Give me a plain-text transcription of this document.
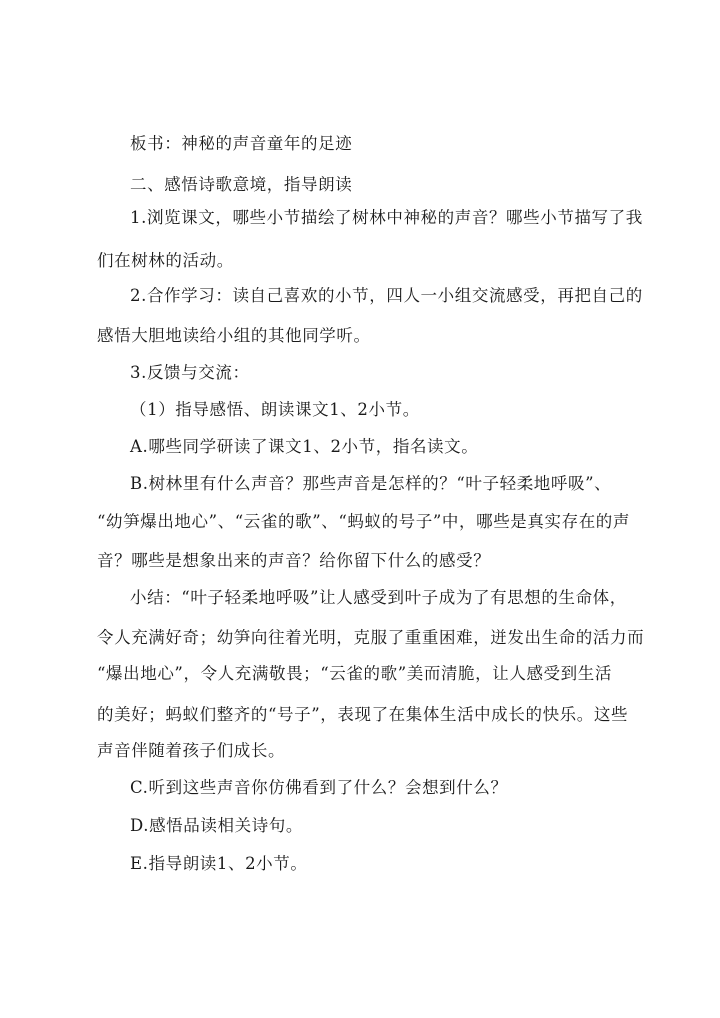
板书：神秘的声音童年的足迹
二、感悟诗歌意境，指导朗读
1.浏览课文，哪些小节描绘了树林中神秘的声音？哪些小节描写了我
们在树林的活动。
2.合作学习：读自己喜欢的小节，四人一小组交流感受，再把自己的
感悟大胆地读给小组的其他同学听。
3.反馈与交流：
（1）指导感悟、朗读课文1、2小节。
A.哪些同学研读了课文1、2小节，指名读文。
B.树林里有什么声音？那些声音是怎样的？“叶子轻柔地呼吸”、
“幼笋爆出地心”、“云雀的歌”、“蚂蚁的号子”中，哪些是真实存在的声
音？哪些是想象出来的声音？给你留下什么的感受？
小结：“叶子轻柔地呼吸”让人感受到叶子成为了有思想的生命体，
令人充满好奇；幼笋向往着光明，克服了重重困难，迸发出生命的活力而
“爆出地心”，令人充满敬畏；“云雀的歌”美而清脆，让人感受到生活
的美好；蚂蚁们整齐的“号子”，表现了在集体生活中成长的快乐。这些
声音伴随着孩子们成长。
C.听到这些声音你仿佛看到了什么？会想到什么？
D.感悟品读相关诗句。
E.指导朗读1、2小节。
